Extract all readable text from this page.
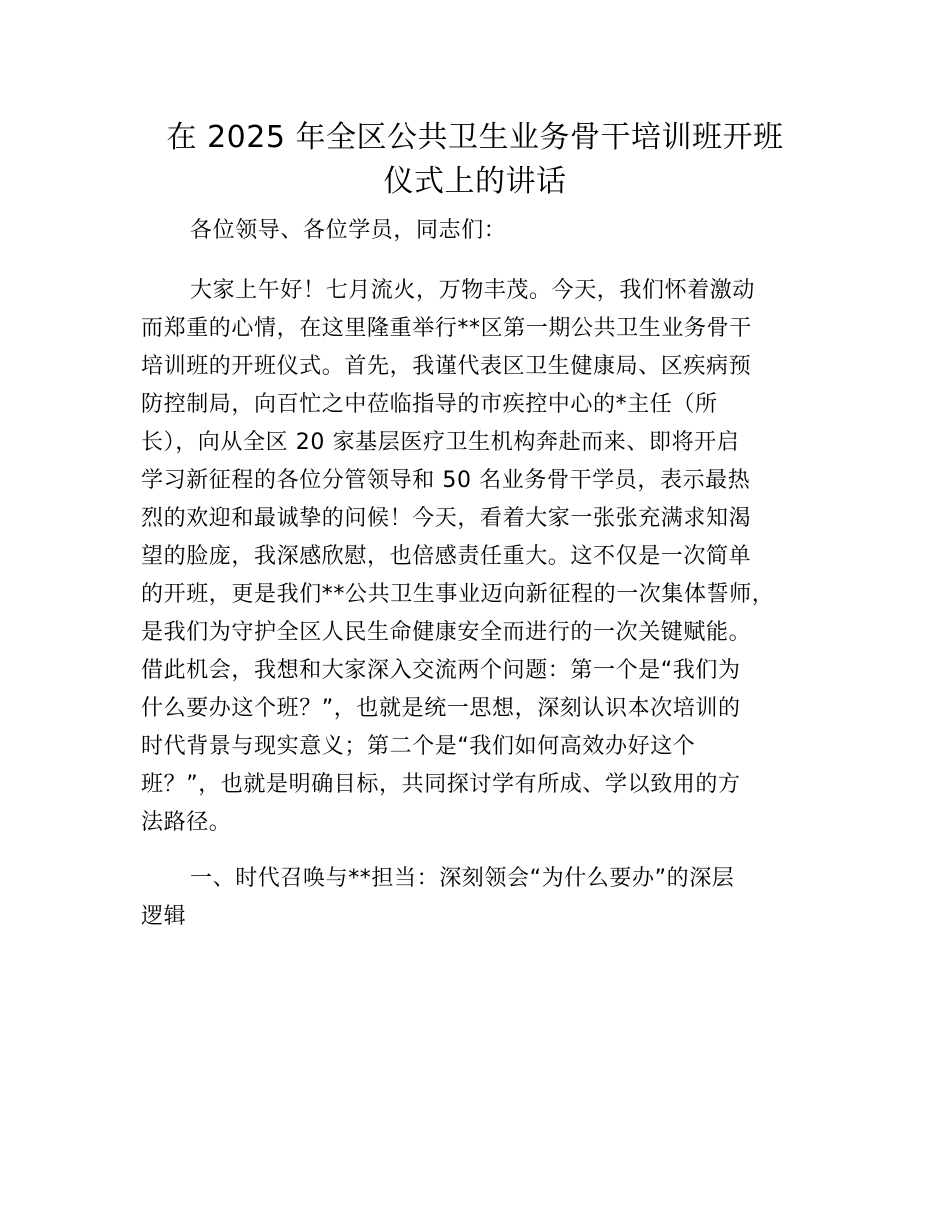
在 2025 年全区公共卫生业务骨干培训班开班
仪式上的讲话

各位领导、各位学员，同志们：

大家上午好！七月流火，万物丰茂。今天，我们怀着激动
而郑重的心情，在这里隆重举行**区第一期公共卫生业务骨干
培训班的开班仪式。首先，我谨代表区卫生健康局、区疾病预
防控制局，向百忙之中莅临指导的市疾控中心的*主任（所
长），向从全区 20 家基层医疗卫生机构奔赴而来、即将开启
学习新征程的各位分管领导和 50 名业务骨干学员，表示最热
烈的欢迎和最诚挚的问候！今天，看着大家一张张充满求知渴
望的脸庞，我深感欣慰，也倍感责任重大。这不仅是一次简单
的开班，更是我们**公共卫生事业迈向新征程的一次集体誓师，
是我们为守护全区人民生命健康安全而进行的一次关键赋能。
借此机会，我想和大家深入交流两个问题：第一个是“我们为
什么要办这个班？”，也就是统一思想，深刻认识本次培训的
时代背景与现实意义；第二个是“我们如何高效办好这个
班？”，也就是明确目标，共同探讨学有所成、学以致用的方
法路径。

一、时代召唤与**担当：深刻领会“为什么要办”的深层
逻辑
